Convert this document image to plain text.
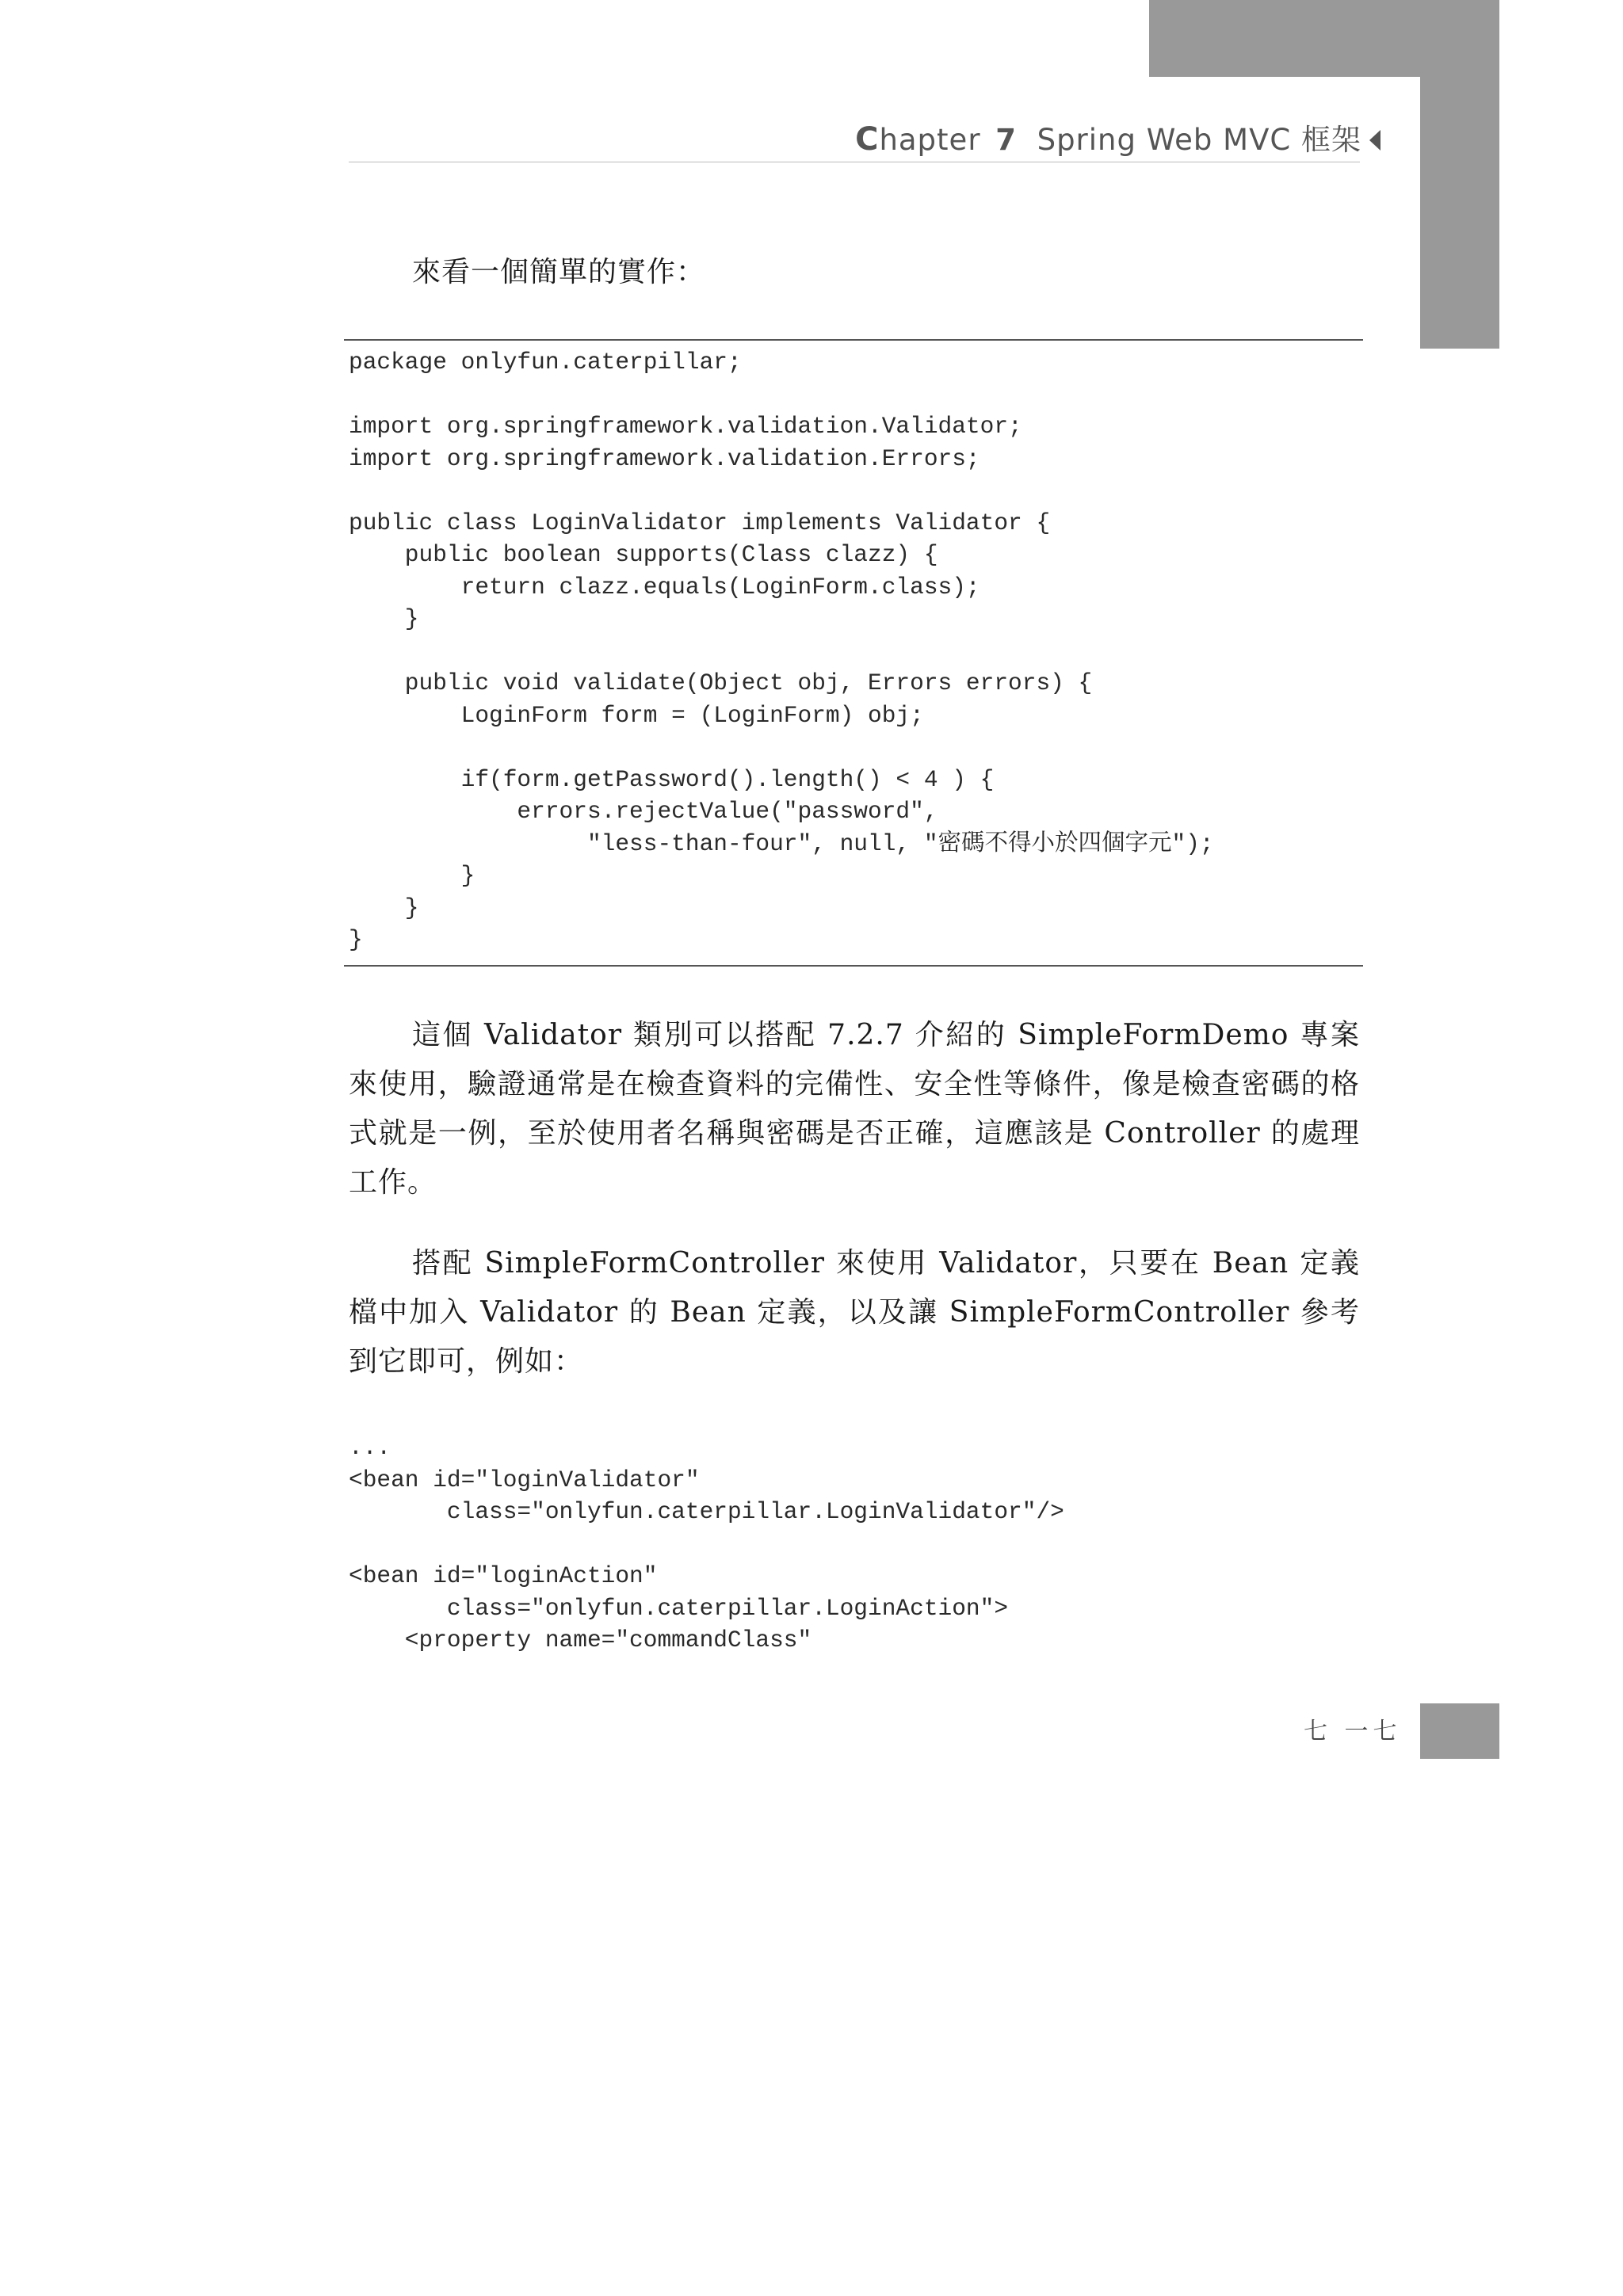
Chapter 7 Spring Web MVC 框架

來看一個簡單的實作：

package onlyfun.caterpillar;

import org.springframework.validation.Validator;
import org.springframework.validation.Errors;

public class LoginValidator implements Validator {
public boolean supports(Class clazz) {
return clazz.equals(LoginForm.class);
}

public void validate(Object obj, Errors errors) {
LoginForm form = (LoginForm) obj;

if(form.getPassword().length() < 4 ) {
errors.rejectValue("password",
"less-than-four", null, "密碼不得小於四個字元");
}
}
}

這個 Validator 類別可以搭配 7.2.7 介紹的 SimpleFormDemo 專案來使用，驗證通常是在檢查資料的完備性、安全性等條件，像是檢查密碼的格式就是一例，至於使用者名稱與密碼是否正確，這應該是 Controller 的處理工作。

搭配 SimpleFormController 來使用 Validator，只要在 Bean 定義檔中加入 Validator 的 Bean 定義，以及讓 SimpleFormController 參考到它即可，例如：

...
<bean id="loginValidator"
class="onlyfun.caterpillar.LoginValidator"/>

<bean id="loginAction"
class="onlyfun.caterpillar.LoginAction">
<property name="commandClass"
七 一七
